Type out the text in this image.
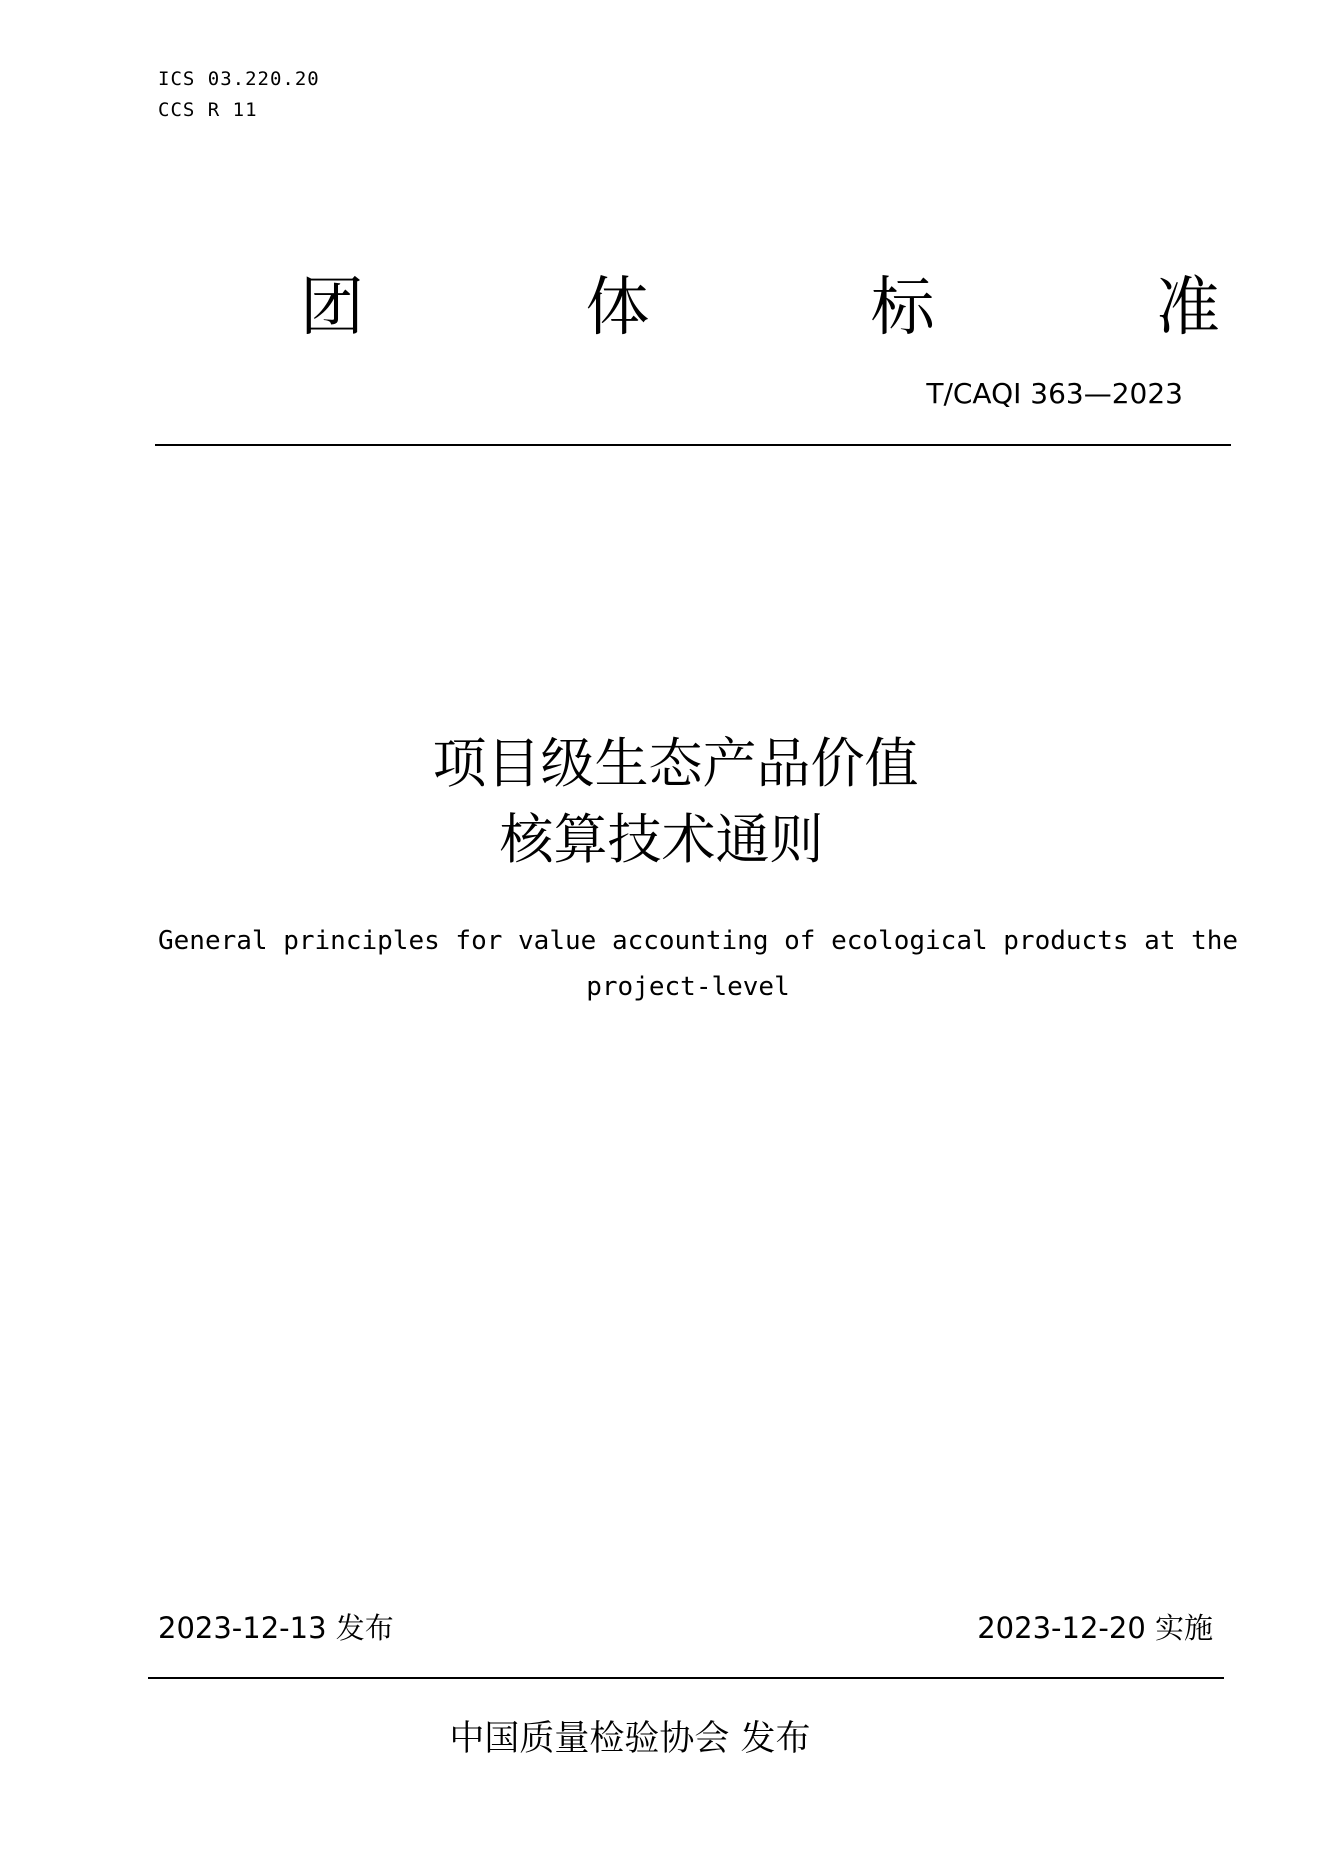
ICS 03.220.20
CCS R 11
团	体	标	准
T/CAQI 363—2023
项目级生态产品价值
核算技术通则
General principles for value accounting of ecological products at the
project-level
2023-12-13 发布	2023-12-20 实施
中国质量检验协会 发布
